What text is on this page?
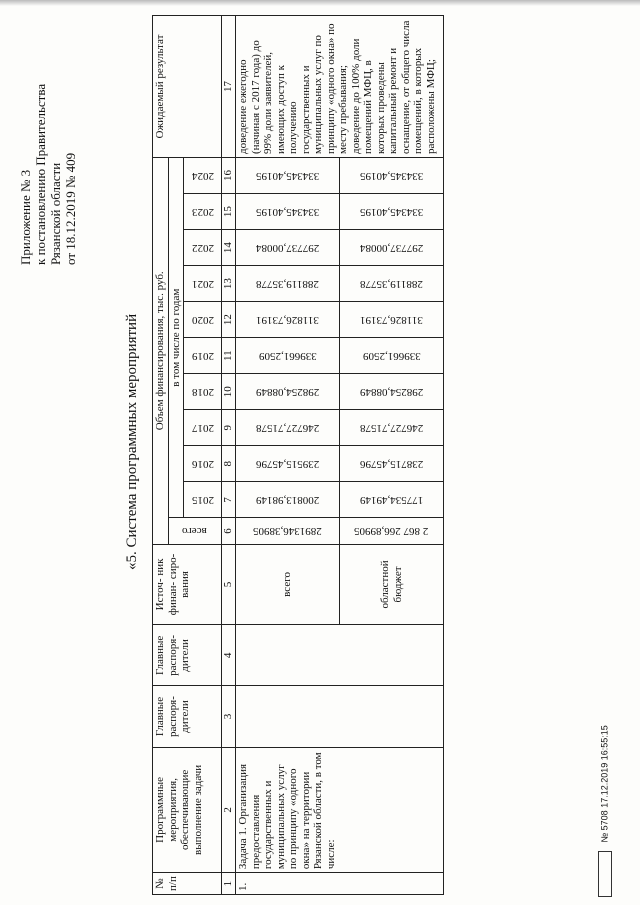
Приложение № 3 к постановлению Правительства Рязанской области от 18.12.2019 № 409
«5. Система программных мероприятий
№ п/п	Программные мероприятия, обеспечивающие выполнение задачи	Главные распоря- дители	Главные распоря- дители	Источ- ник финан- сиро- вания	Объем финансирования, тыс. руб.											Ожидаемый результат

					всего	в том числе по годам										

						2015	2016	2017	2018	2019	2020	2021	2022	2023	2024	

1	2	3	4	5	6	7	8	9	10	11	12	13	14	15	16	17
1.	Задача 1. Организация предоставления государственных и муниципальных услуг по принципу «одного окна» на территории Рязанской области, в том числе:			всего	2891346,38905	200813,98149	239515,45796	246727,71578	298254,08849	339661,2509	311826,73191	288119,35778	297737,00084	334345,40195	334345,40195	доведение ежегодно (начиная с 2017 года) до 99% доли заявителей, имеющих доступ к получению государственных и муниципальных услуг по принципу «одного окна» по месту пребывания; доведение до 100% доли помещений МФЦ, в которых проведены капитальный ремонт и оснащение, от общего числа помещений, в которых расположены МФЦ;
				областной бюджет	2 867 266,89905	177534,49149	238715,45796	246727,71578	298254,08849	339661,2509	311826,73191	288119,35778	297737,00084	334345,40195	334345,40195	
№ 5708 17.12.2019 16:55:15
